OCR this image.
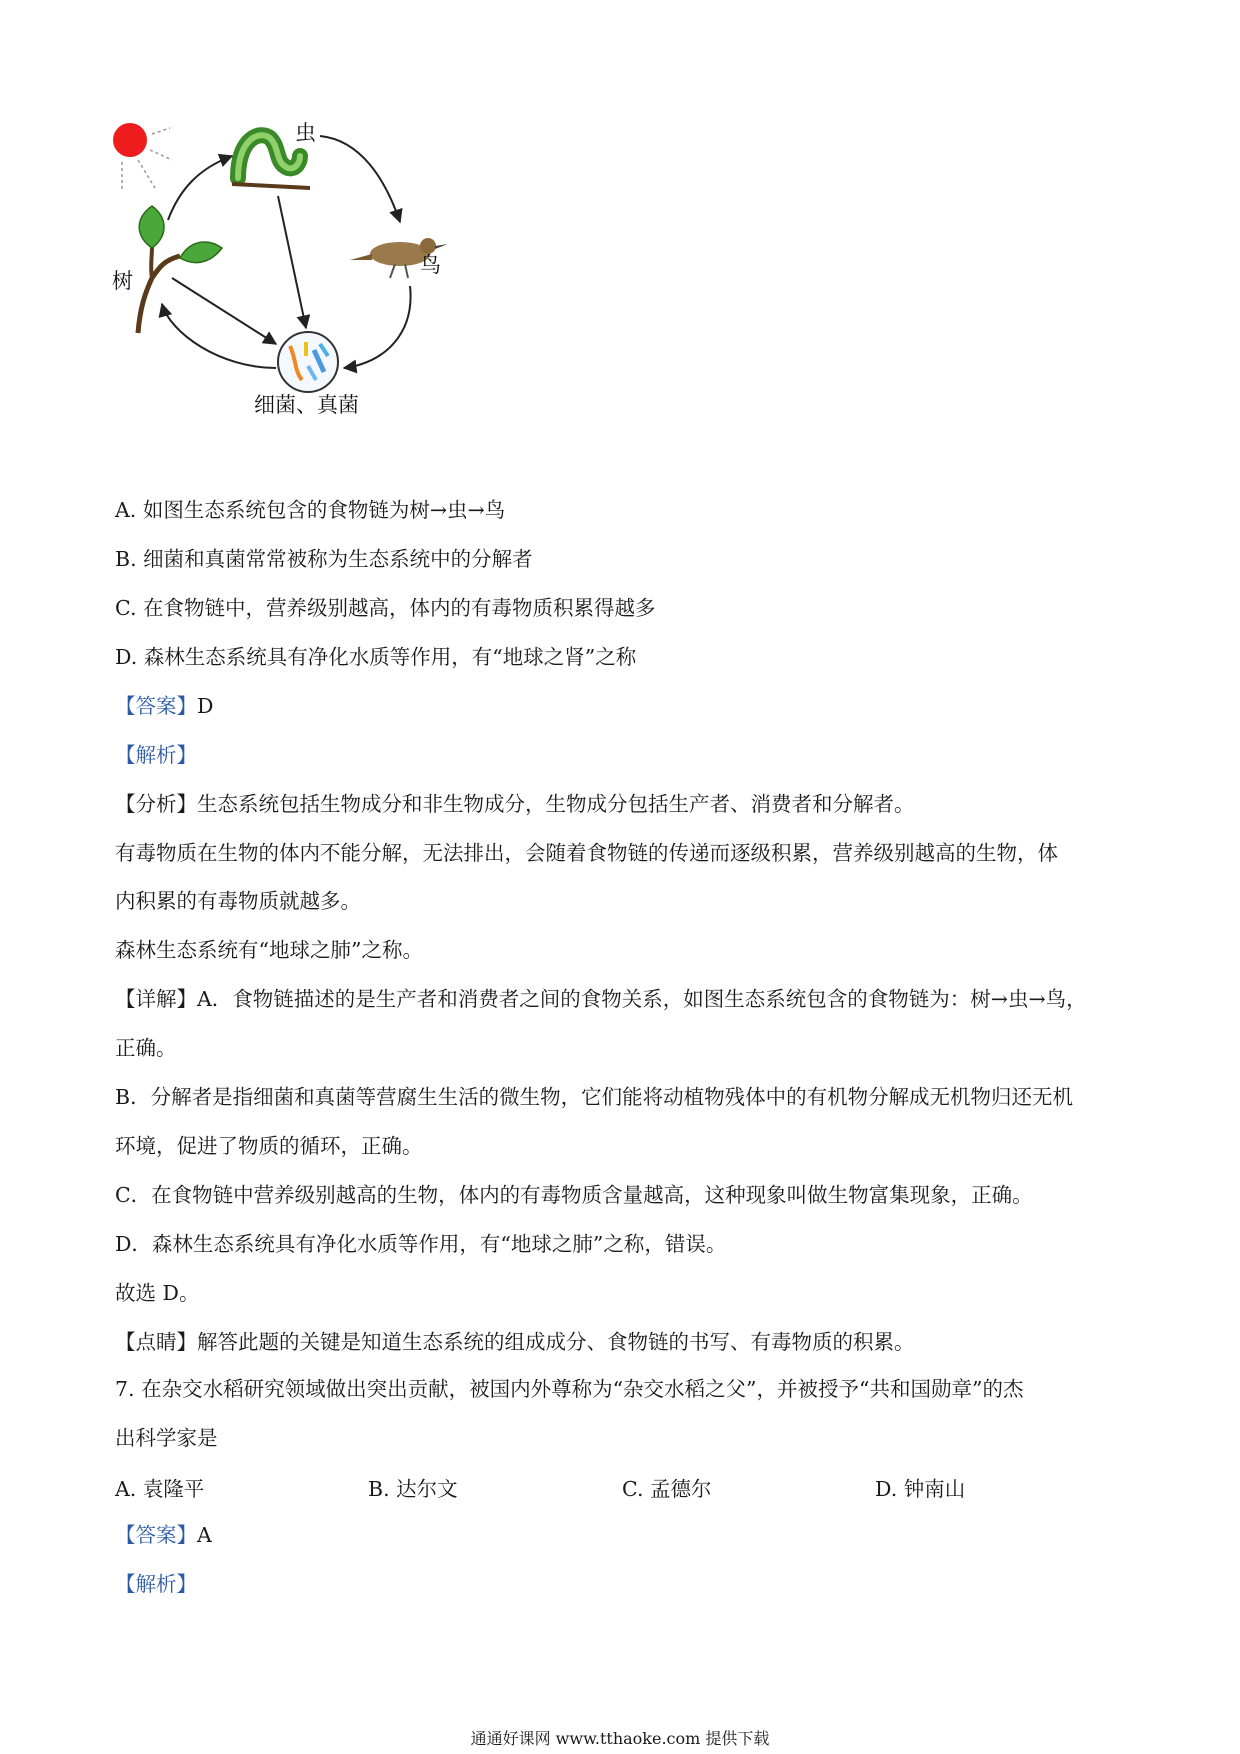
虫
鸟
树
细菌、真菌

A. 如图生态系统包含的食物链为树→虫→鸟

B. 细菌和真菌常常被称为生态系统中的分解者

C. 在食物链中，营养级别越高，体内的有毒物质积累得越多

D. 森林生态系统具有净化水质等作用，有“地球之肾”之称

【答案】D

【解析】

【分析】生态系统包括生物成分和非生物成分，生物成分包括生产者、消费者和分解者。

有毒物质在生物的体内不能分解，无法排出，会随着食物链的传递而逐级积累，营养级别越高的生物，体

内积累的有毒物质就越多。

森林生态系统有“地球之肺”之称。

【详解】A．食物链描述的是生产者和消费者之间的食物关系，如图生态系统包含的食物链为：树→虫→鸟，

正确。

B．分解者是指细菌和真菌等营腐生生活的微生物，它们能将动植物残体中的有机物分解成无机物归还无机

环境，促进了物质的循环，正确。

C．在食物链中营养级别越高的生物，体内的有毒物质含量越高，这种现象叫做生物富集现象，正确。

D．森林生态系统具有净化水质等作用，有“地球之肺”之称，错误。

故选 D。

【点睛】解答此题的关键是知道生态系统的组成成分、食物链的书写、有毒物质的积累。

7. 在杂交水稻研究领域做出突出贡献，被国内外尊称为“杂交水稻之父”，并被授予“共和国勋章”的杰

出科学家是

A. 袁隆平	B. 达尔文	C. 孟德尔	D. 钟南山

【答案】A

【解析】

通通好课网 www.tthaoke.com 提供下载
